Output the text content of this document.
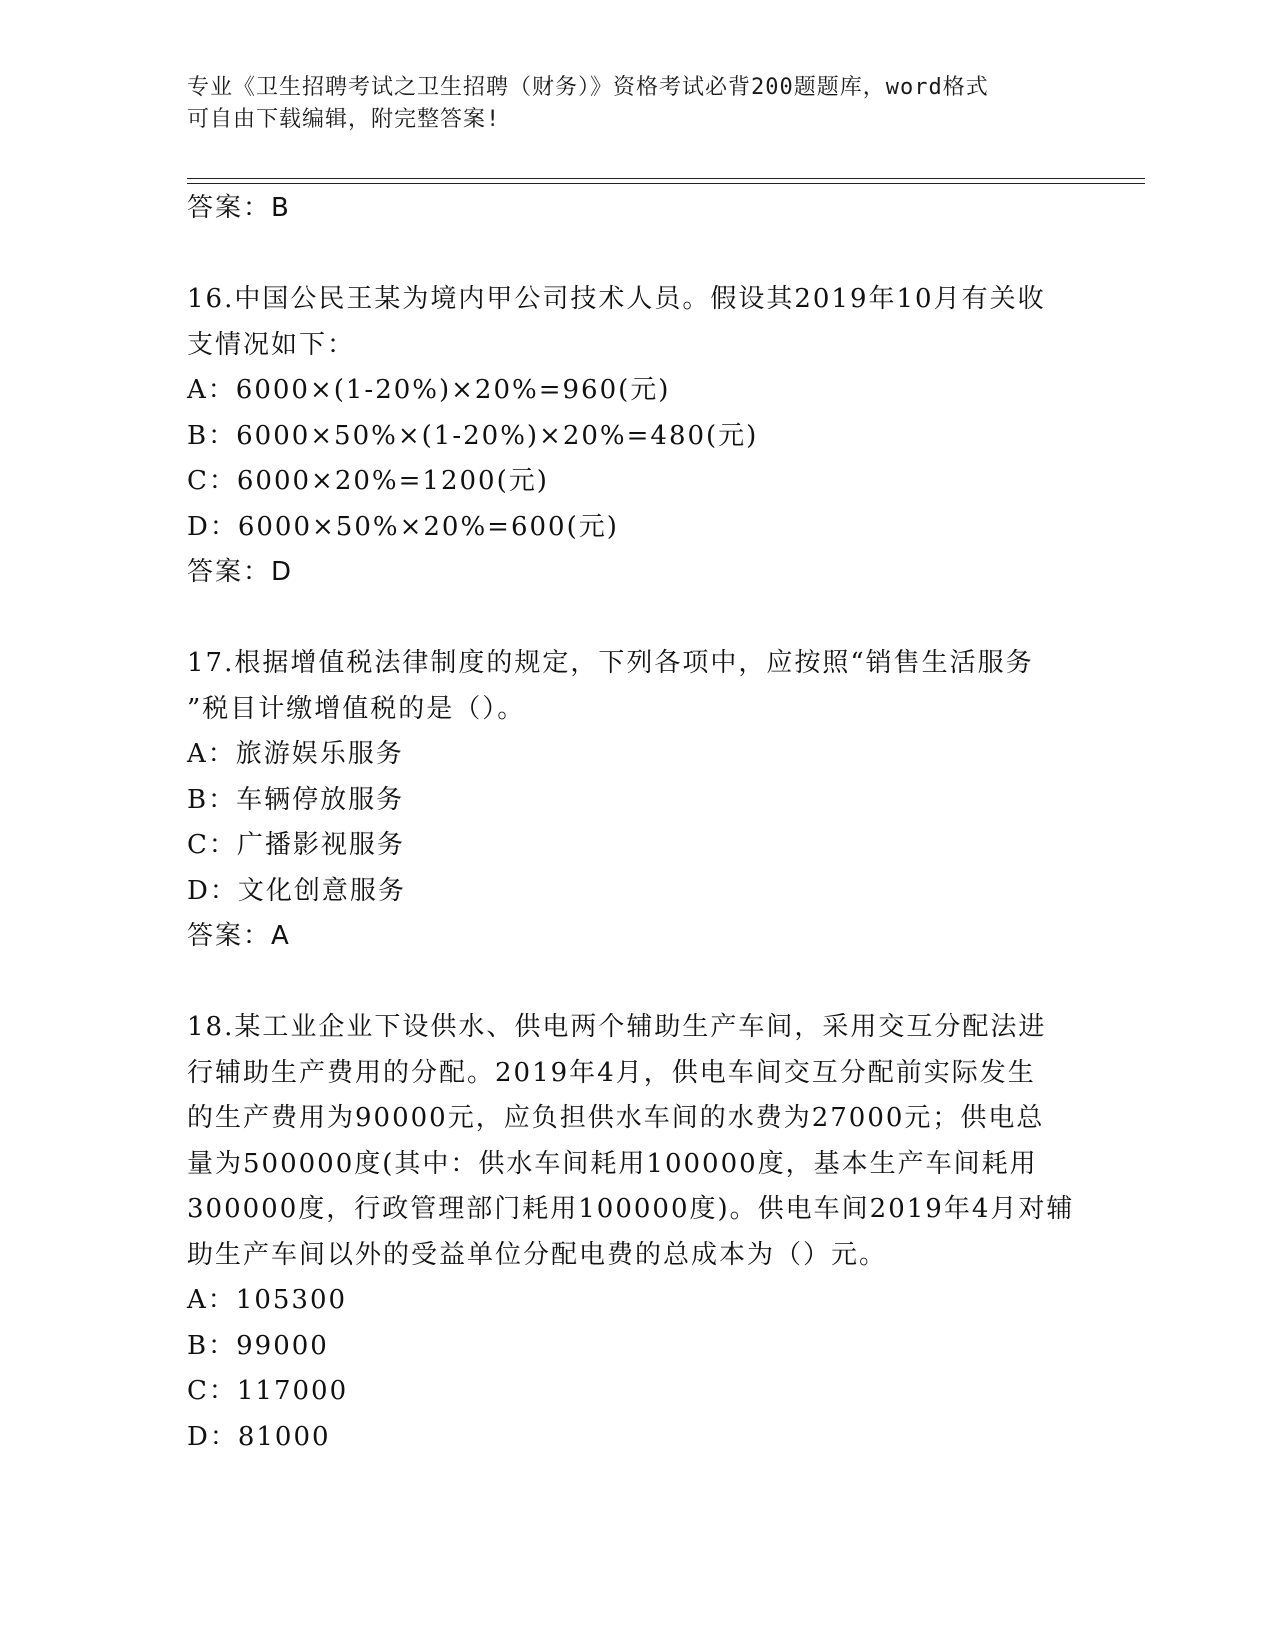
专业《卫生招聘考试之卫生招聘（财务）》资格考试必背200题题库，word格式
可自由下载编辑，附完整答案!
答案：B
16.中国公民王某为境内甲公司技术人员。假设其2019年10月有关收
支情况如下：
A：6000×(1-20%)×20%=960(元)
B：6000×50%×(1-20%)×20%=480(元)
C：6000×20%=1200(元)
D：6000×50%×20%=600(元)
答案：D
17.根据增值税法律制度的规定，下列各项中，应按照“销售生活服务
”税目计缴增值税的是（）。
A：旅游娱乐服务
B：车辆停放服务
C：广播影视服务
D：文化创意服务
答案：A
18.某工业企业下设供水、供电两个辅助生产车间，采用交互分配法进
行辅助生产费用的分配。2019年4月，供电车间交互分配前实际发生
的生产费用为90000元，应负担供水车间的水费为27000元；供电总
量为500000度(其中：供水车间耗用100000度，基本生产车间耗用
300000度，行政管理部门耗用100000度)。供电车间2019年4月对辅
助生产车间以外的受益单位分配电费的总成本为（）元。
A：105300
B：99000
C：117000
D：81000
